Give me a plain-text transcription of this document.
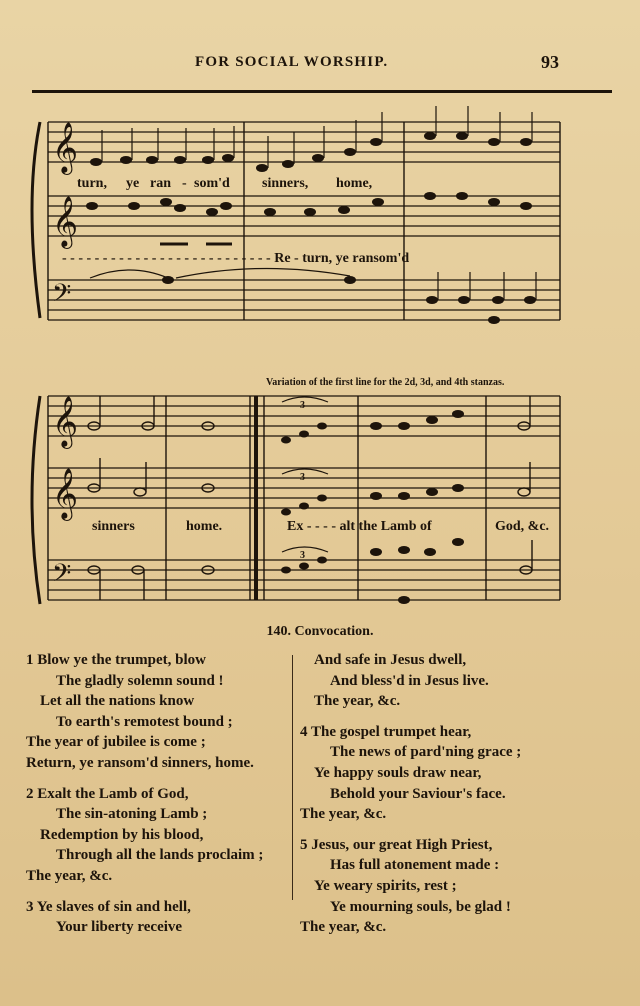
FOR SOCIAL WORSHIP.	93
𝄞
𝄞
𝄢
turn, ye ran - som'd sinners, home,
- - - - - - - - - - - - - - - - - - - - - - - - - - Re - turn, ye ransom'd
Variation of the first line for the 2d, 3d, and 4th stanzas.
𝄞
𝄞
𝄢
3
3
3
sinners	home.	Ex - - - - alt the Lamb of	God, &c.
140. Convocation.
1 Blow ye the trumpet, blow
The gladly solemn sound !
Let all the nations know
To earth's remotest bound ;
The year of jubilee is come ;
Return, ye ransom'd sinners, home.
2 Exalt the Lamb of God,
The sin-atoning Lamb ;
Redemption by his blood,
Through all the lands proclaim ;
The year, &c.
3 Ye slaves of sin and hell,
Your liberty receive
And safe in Jesus dwell,
And bless'd in Jesus live.
The year, &c.
4 The gospel trumpet hear,
The news of pard'ning grace ;
Ye happy souls draw near,
Behold your Saviour's face.
The year, &c.
5 Jesus, our great High Priest,
Has full atonement made :
Ye weary spirits, rest ;
Ye mourning souls, be glad !
The year, &c.
